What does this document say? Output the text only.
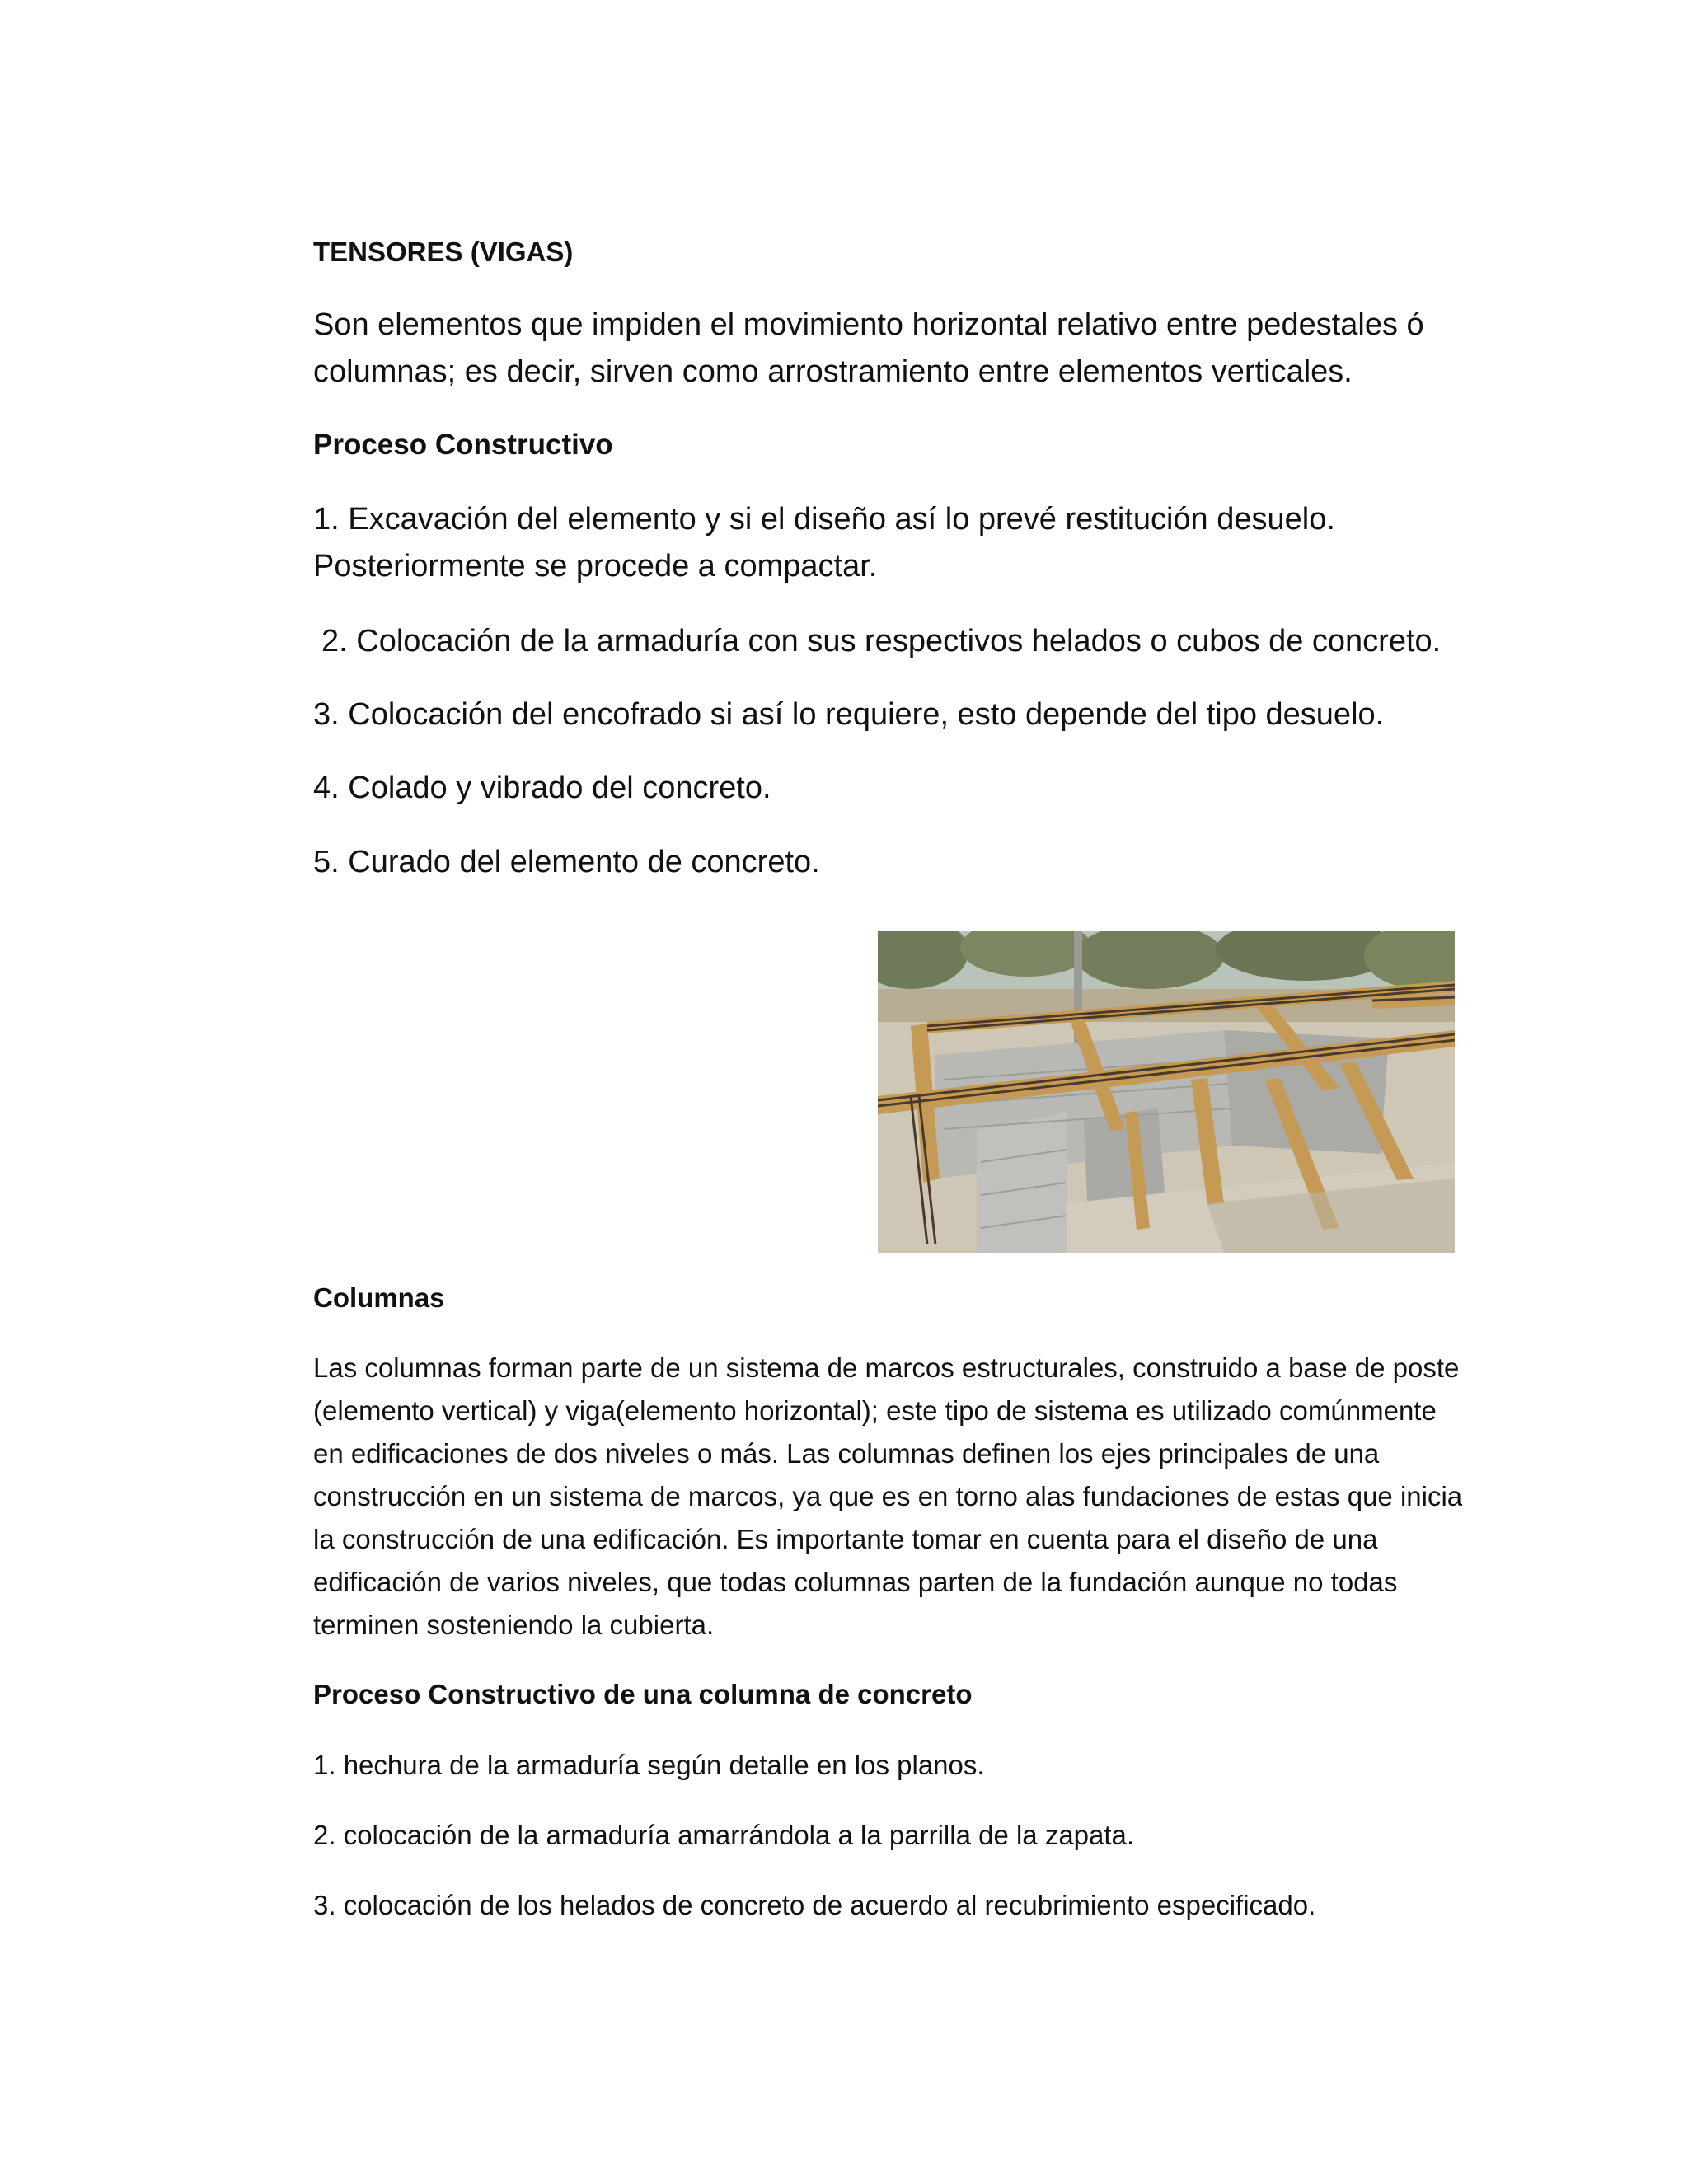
TENSORES (VIGAS)

Son elementos que impiden el movimiento horizontal relativo entre pedestales ó columnas; es decir, sirven como arrostramiento entre elementos verticales.

Proceso Constructivo

1. Excavación del elemento y si el diseño así lo prevé restitución desuelo. Posteriormente se procede a compactar.

2. Colocación de la armaduría con sus respectivos helados o cubos de concreto.

3. Colocación del encofrado si así lo requiere, esto depende del tipo desuelo.

4. Colado y vibrado del concreto.

5. Curado del elemento de concreto.

Columnas

Las columnas forman parte de un sistema de marcos estructurales, construido a base de poste (elemento vertical) y viga(elemento horizontal); este tipo de sistema es utilizado comúnmente en edificaciones de dos niveles o más. Las columnas definen los ejes principales de una construcción en un sistema de marcos, ya que es en torno alas fundaciones de estas que inicia la construcción de una edificación. Es importante tomar en cuenta para el diseño de una edificación de varios niveles, que todas columnas parten de la fundación aunque no todas terminen sosteniendo la cubierta.

Proceso Constructivo de una columna de concreto

1. hechura de la armaduría según detalle en los planos.

2. colocación de la armaduría amarrándola a la parrilla de la zapata.

3. colocación de los helados de concreto de acuerdo al recubrimiento especificado.
